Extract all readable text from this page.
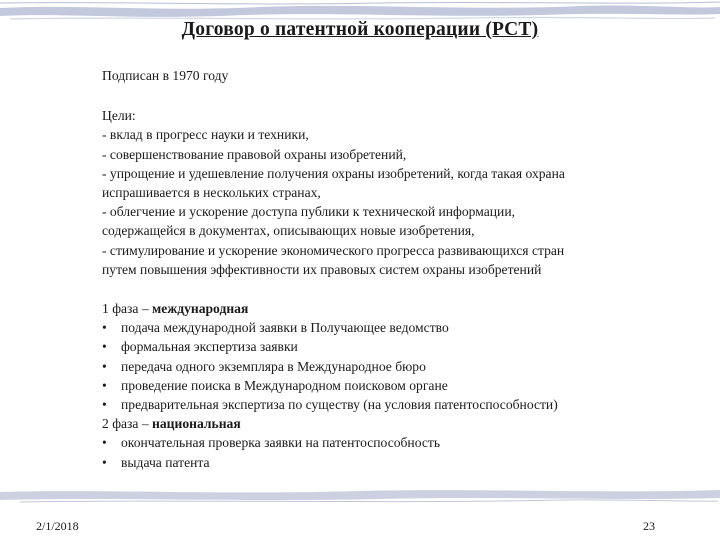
Договор о патентной кооперации (PCT)

Подписан в 1970 году

Цели:

- вклад в прогресс науки и техники,

- совершенствование правовой охраны изобретений,

- упрощение и удешевление получения охраны изобретений, когда такая охрана

испрашивается в нескольких странах,

- облегчение и ускорение доступа публики к технической информации,

содержащейся в документах, описывающих новые изобретения,

- стимулирование и ускорение экономического прогресса развивающихся стран

путем повышения эффективности их правовых систем охраны изобретений

1 фаза – международная

•	подача международной заявки в Получающее ведомство
•	формальная экспертиза заявки
•	передача одного экземпляра в Международное бюро
•	проведение поиска в Международном поисковом органе
•	предварительная экспертиза по существу (на условия патентоспособности)

2 фаза – национальная

•	окончательная проверка заявки на патентоспособность
•	выдача патента
2/1/2018	23
